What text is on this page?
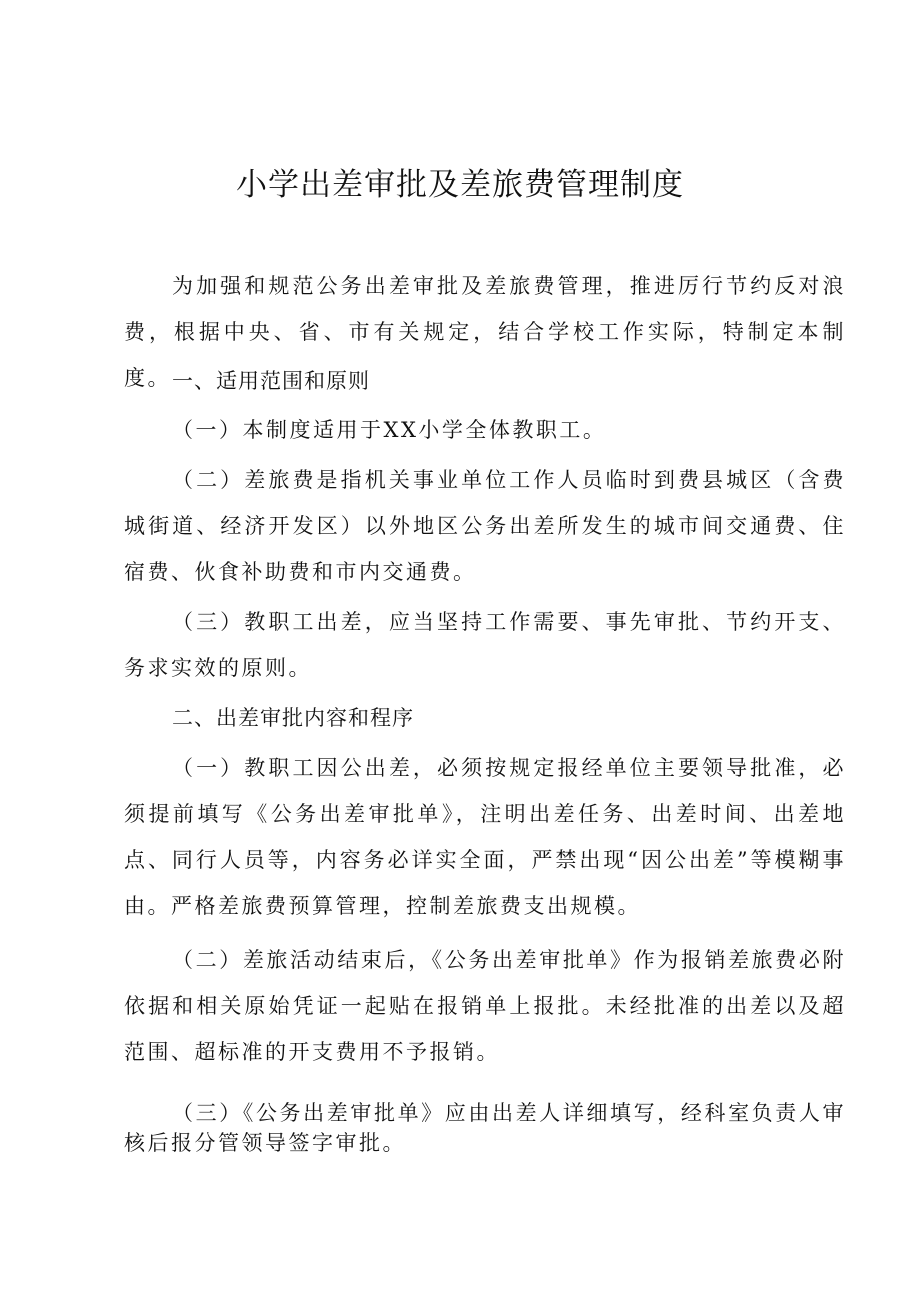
小学出差审批及差旅费管理制度

为加强和规范公务出差审批及差旅费管理，推进厉行节约反对浪费，根据中央、省、市有关规定，结合学校工作实际，特制定本制度。 一、适用范围和原则

（一）本制度适用于XX小学全体教职工。

（二）差旅费是指机关事业单位工作人员临时到费县城区（含费城街道、经济开发区）以外地区公务出差所发生的城市间交通费、住宿费、伙食补助费和市内交通费。

（三）教职工出差，应当坚持工作需要、事先审批、节约开支、务求实效的原则。

二、出差审批内容和程序

（一）教职工因公出差，必须按规定报经单位主要领导批准，必须提前填写《公务出差审批单》，注明出差任务、出差时间、出差地点、同行人员等，内容务必详实全面，严禁出现“因公出差”等模糊事由。严格差旅费预算管理，控制差旅费支出规模。

（二）差旅活动结束后，《公务出差审批单》作为报销差旅费必附依据和相关原始凭证一起贴在报销单上报批。未经批准的出差以及超范围、超标准的开支费用不予报销。

（三）《公务出差审批单》应由出差人详细填写，经科室负责人审核后报分管领导签字审批。
